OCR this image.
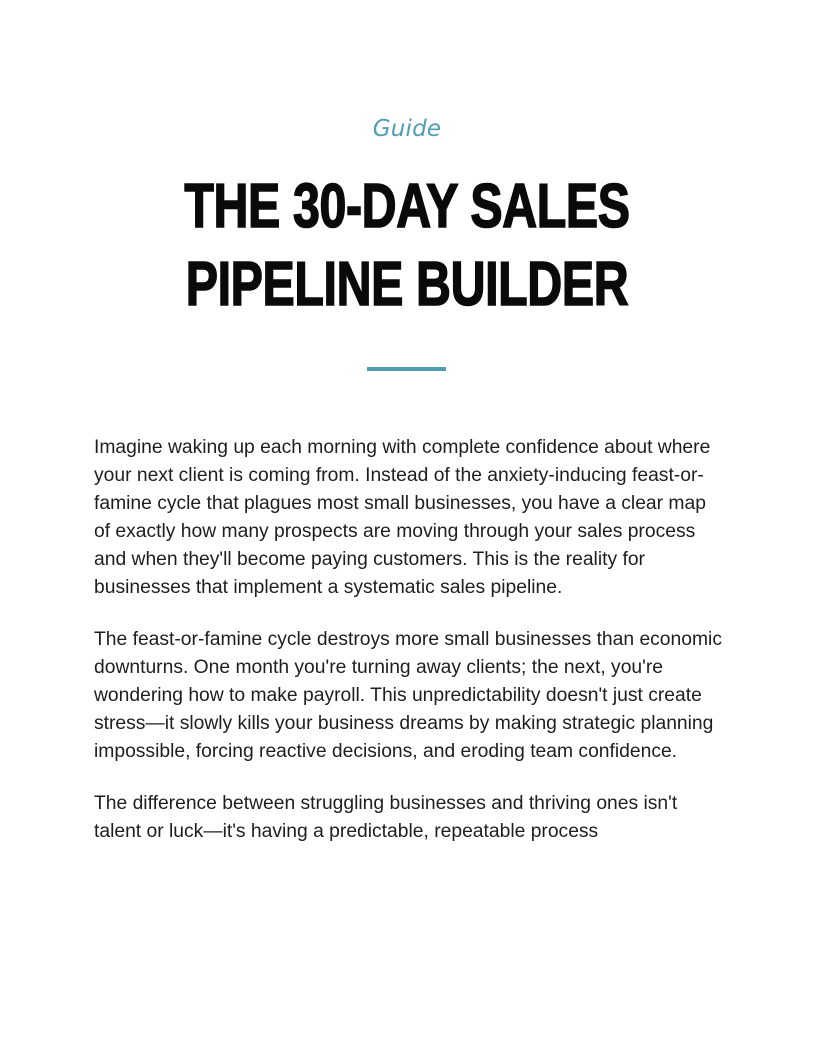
Guide
THE 30-DAY SALES
PIPELINE BUILDER

Imagine waking up each morning with complete confidence about where your next client is coming from. Instead of the anxiety-inducing feast-or-famine cycle that plagues most small businesses, you have a clear map of exactly how many prospects are moving through your sales process and when they'll become paying customers. This is the reality for businesses that implement a systematic sales pipeline.

The feast-or-famine cycle destroys more small businesses than economic downturns. One month you're turning away clients; the next, you're wondering how to make payroll. This unpredictability doesn't just create stress—it slowly kills your business dreams by making strategic planning impossible, forcing reactive decisions, and eroding team confidence.

The difference between struggling businesses and thriving ones isn't talent or luck—it's having a predictable, repeatable process
